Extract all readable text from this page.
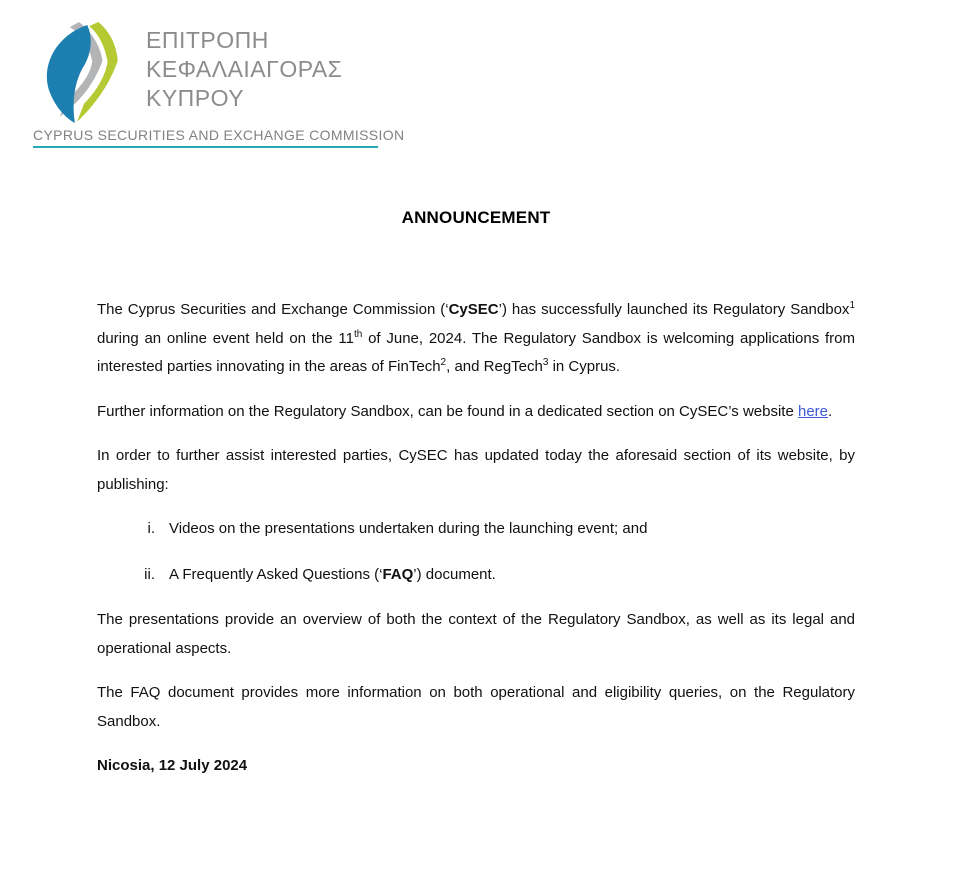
ΕΠΙΤΡΟΠΗ
ΚΕΦΑΛΑΙΑΓΟΡΑΣ
ΚΥΠΡΟΥ
CYPRUS SECURITIES AND EXCHANGE COMMISSION
ANNOUNCEMENT

The Cyprus Securities and Exchange Commission (‘CySEC’) has successfully launched its Regulatory Sandbox$^1$ during an online event held on the 11th of June, 2024. The Regulatory Sandbox is welcoming applications from interested parties innovating in the areas of FinTech$^2$, and RegTech$^3$ in Cyprus.

Further information on the Regulatory Sandbox, can be found in a dedicated section on CySEC’s website here.

In order to further assist interested parties, CySEC has updated today the aforesaid section of its website, by publishing:

i. Videos on the presentations undertaken during the launching event; and
ii. A Frequently Asked Questions (‘FAQ’) document.

The presentations provide an overview of both the context of the Regulatory Sandbox, as well as its legal and operational aspects.

The FAQ document provides more information on both operational and eligibility queries, on the Regulatory Sandbox.

Nicosia, 12 July 2024
